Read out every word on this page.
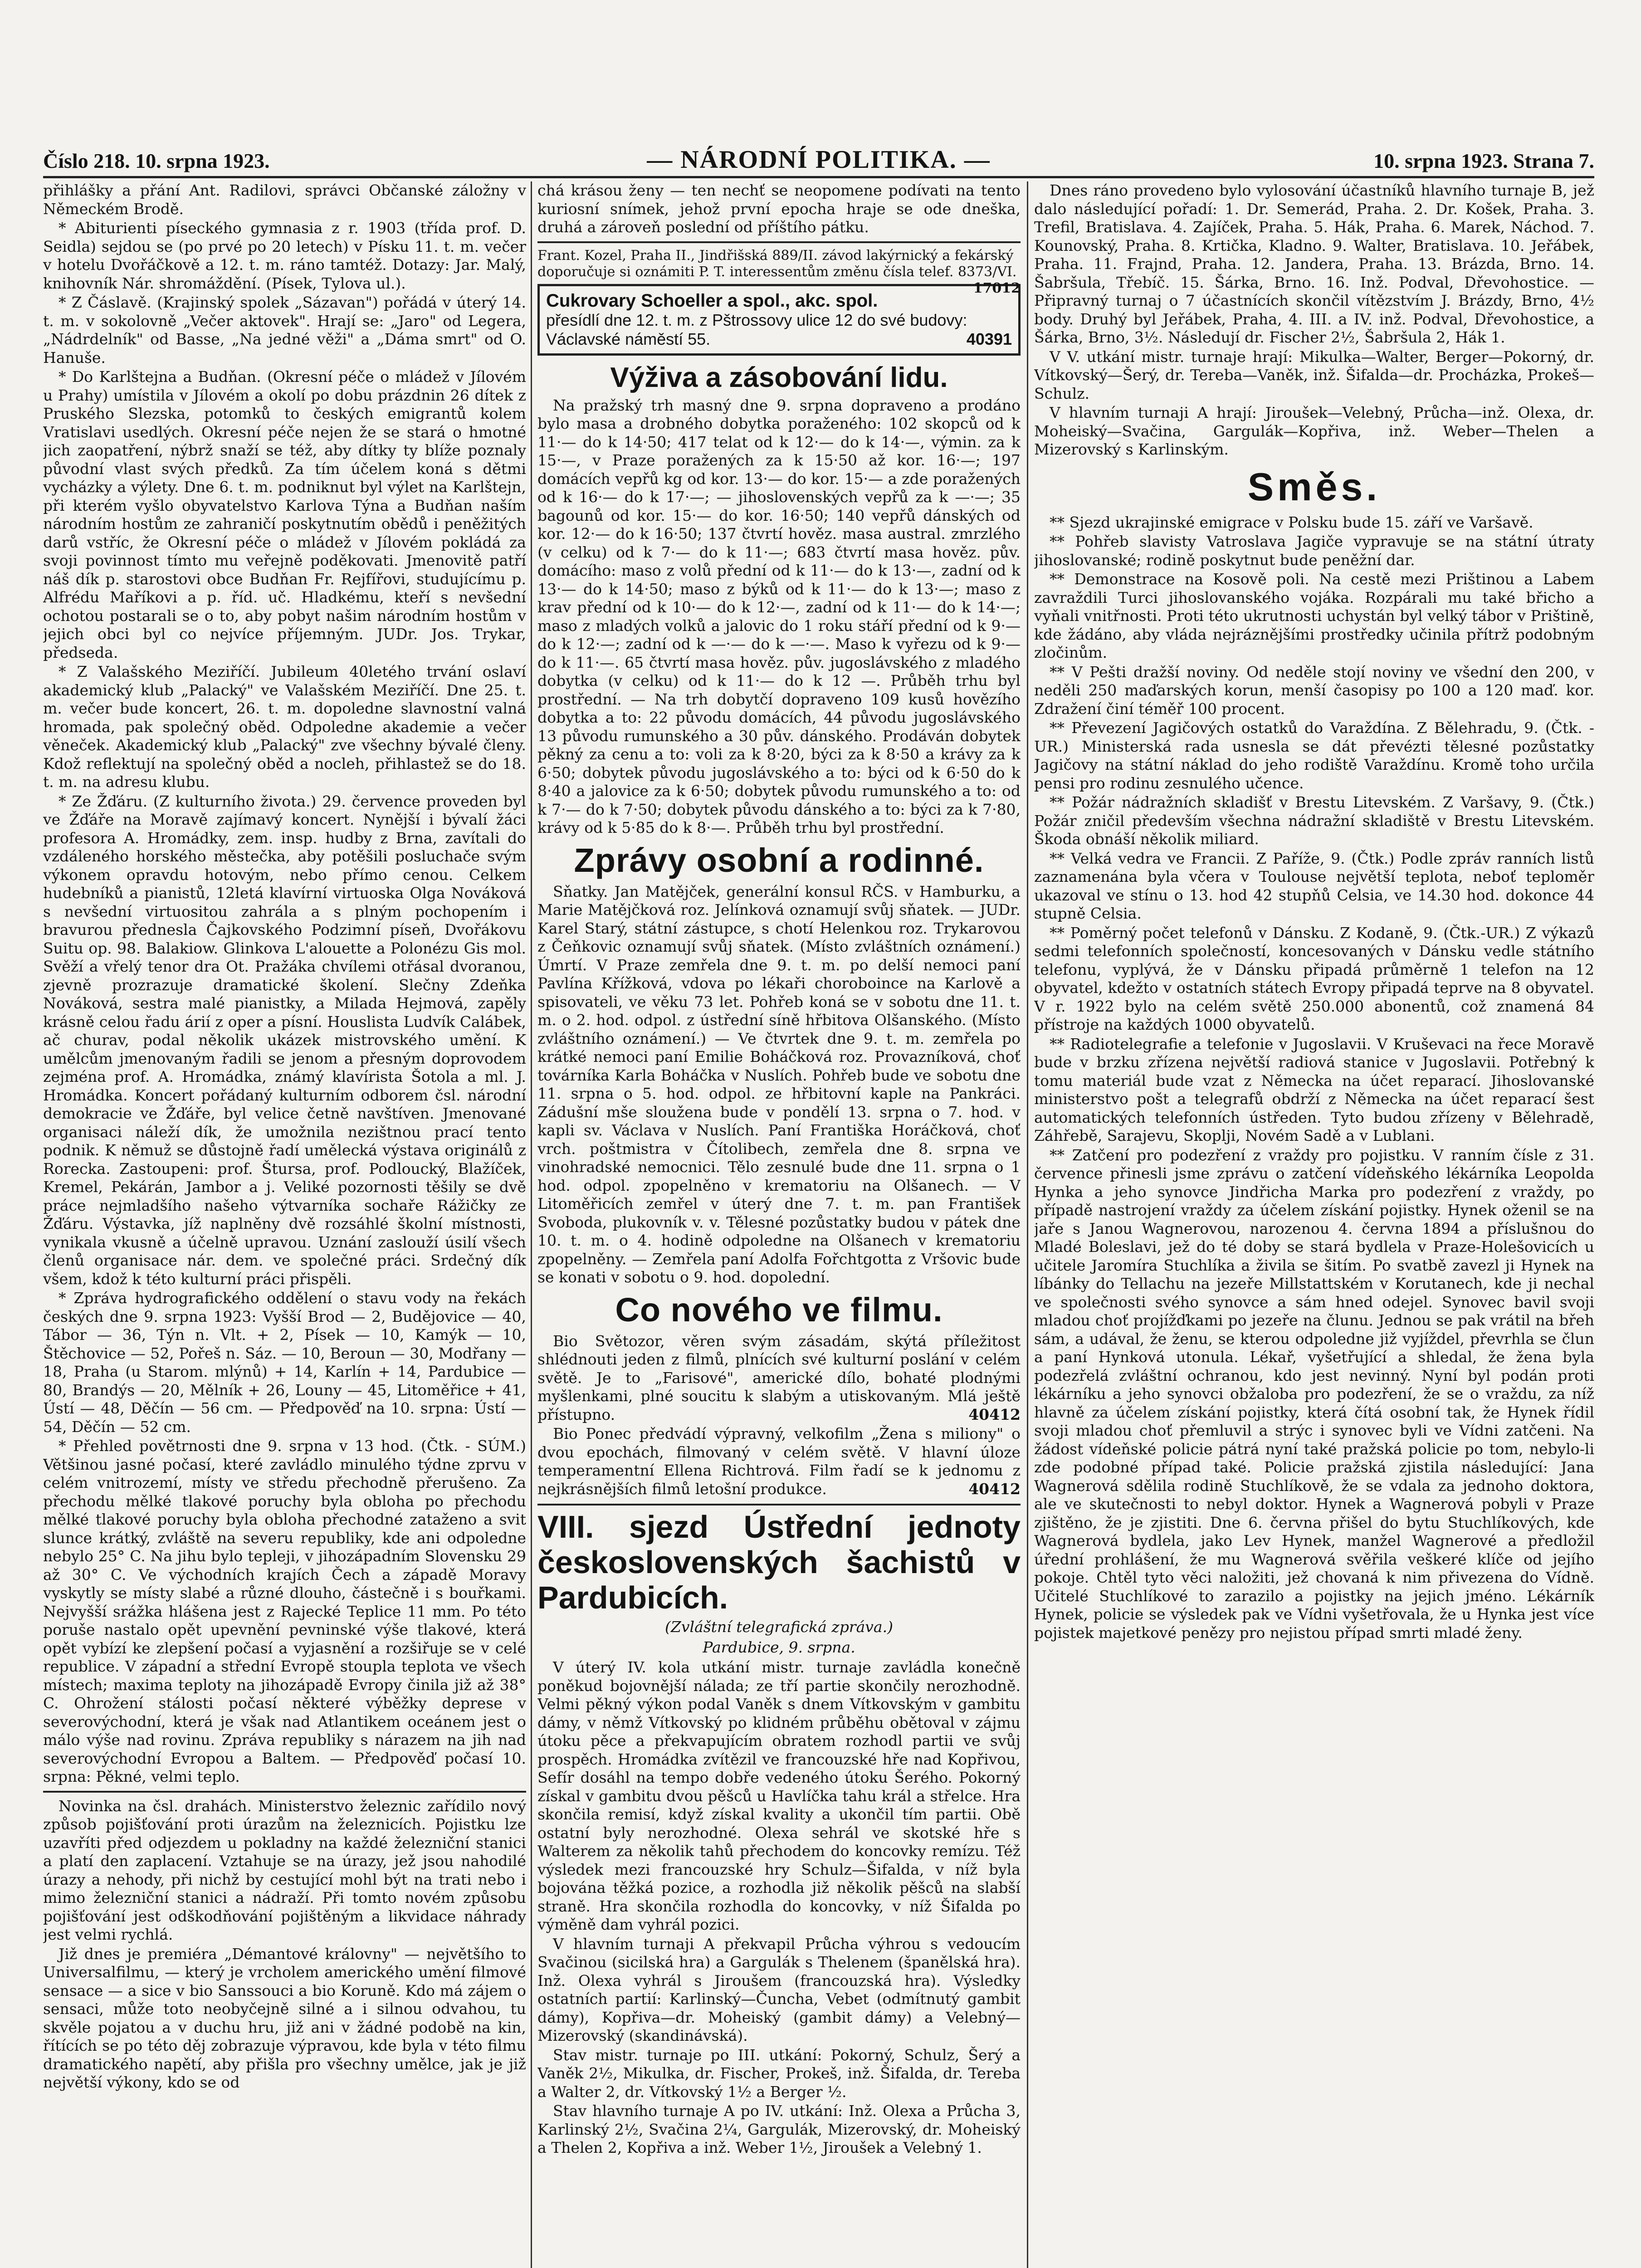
Číslo 218. 10. srpna 1923.	— NÁRODNÍ POLITIKA. —	10. srpna 1923. Strana 7.

přihlášky a přání Ant. Radilovi, správci Občanské záložny v Německém Brodě.

* Abiturienti píseckého gymnasia z r. 1903 (třída prof. D. Seidla) sejdou se (po prvé po 20 letech) v Písku 11. t. m. večer v hotelu Dvořáčkově a 12. t. m. ráno tamtéž. Dotazy: Jar. Malý, knihovník Nár. shromáždění. (Písek, Tylova ul.).

* Z Čáslavě. (Krajinský spolek „Sázavan") pořádá v úterý 14. t. m. v sokolovně „Večer aktovek". Hrají se: „Jaro" od Legera, „Nádrdelník" od Basse, „Na jedné věži" a „Dáma smrt" od O. Hanuše.

* Do Karlštejna a Budňan. (Okresní péče o mládež v Jílovém u Prahy) umístila v Jílovém a okolí po dobu prázdnin 26 dítek z Pruského Slezska, potomků to českých emigrantů kolem Vratislavi usedlých. Okresní péče nejen že se stará o hmotné jich zaopatření, nýbrž snaží se též, aby dítky ty blíže poznaly původní vlast svých předků. Za tím účelem koná s dětmi vycházky a výlety. Dne 6. t. m. podniknut byl výlet na Karlštejn, při kterém vyšlo obyvatelstvo Karlova Týna a Budňan naším národním hostům ze zahraničí poskytnutím obědů i peněžitých darů vstříc, že Okresní péče o mládež v Jílovém pokládá za svoji povinnost tímto mu veřejně poděkovati. Jmenovitě patří náš dík p. starostovi obce Budňan Fr. Rejfířovi, studujícímu p. Alfrédu Maříkovi a p. říd. uč. Hladkému, kteří s nevšední ochotou postarali se o to, aby pobyt našim národním hostům v jejich obci byl co nejvíce příjemným. JUDr. Jos. Trykar, předseda.

* Z Valašského Meziříčí. Jubileum 40letého trvání oslaví akademický klub „Palacký" ve Valašském Meziříčí. Dne 25. t. m. večer bude koncert, 26. t. m. dopoledne slavnostní valná hromada, pak společný oběd. Odpoledne akademie a večer věneček. Akademický klub „Palacký" zve všechny bývalé členy. Kdož reflektují na společný oběd a nocleh, přihlastež se do 18. t. m. na adresu klubu.

* Ze Žďáru. (Z kulturního života.) 29. července proveden byl ve Žďáře na Moravě zajímavý koncert. Nynější i bývalí žáci profesora A. Hromádky, zem. insp. hudby z Brna, zavítali do vzdáleného horského městečka, aby potěšili posluchače svým výkonem opravdu hotovým, nebo přímo cenou. Celkem hudebníků a pianistů, 12letá klavírní virtuoska Olga Nováková s nevšední virtuositou zahrála a s plným pochopením i bravurou přednesla Čajkovského Podzimní píseň, Dvořákovu Suitu op. 98. Balakiow. Glinkova L'alouette a Polonézu Gis mol. Svěží a vřelý tenor dra Ot. Pražáka chvílemi otřásal dvoranou, zjevně prozrazuje dramatické školení. Slečny Zdeňka Nováková, sestra malé pianistky, a Milada Hejmová, zapěly krásně celou řadu árií z oper a písní. Houslista Ludvík Calábek, ač churav, podal několik ukázek mistrovského umění. K umělcům jmenovaným řadili se jenom a přesným doprovodem zejména prof. A. Hromádka, známý klavírista Šotola a ml. J. Hromádka. Koncert pořádaný kulturním odborem čsl. národní demokracie ve Žďáře, byl velice četně navštíven. Jmenované organisaci náleží dík, že umožnila nezištnou prací tento podnik. K němuž se důstojně řadí umělecká výstava originálů z Rorecka. Zastoupeni: prof. Štursa, prof. Podloucký, Blažíček, Kremel, Pekárán, Jambor a j. Veliké pozornosti těšily se dvě práce nejmladšího našeho výtvarníka sochaře Rážičky ze Žďáru. Výstavka, jíž naplněny dvě rozsáhlé školní místnosti, vynikala vkusně a účelně upravou. Uznání zaslouží úsilí všech členů organisace nár. dem. ve společné práci. Srdečný dík všem, kdož k této kulturní práci přispěli.

* Zpráva hydrografického oddělení o stavu vody na řekách českých dne 9. srpna 1923: Vyšší Brod — 2, Budějovice — 40, Tábor — 36, Týn n. Vlt. + 2, Písek — 10, Kamýk — 10, Štěchovice — 52, Pořeš n. Sáz. — 10, Beroun — 30, Modřany — 18, Praha (u Starom. mlýnů) + 14, Karlín + 14, Pardubice — 80, Brandýs — 20, Mělník + 26, Louny — 45, Litoměřice + 41, Ústí — 48, Děčín — 56 cm. — Předpověď na 10. srpna: Ústí — 54, Děčín — 52 cm.

* Přehled povětrnosti dne 9. srpna v 13 hod. (Čtk. - SÚM.) Většinou jasné počasí, které zavládlo minulého týdne zprvu v celém vnitrozemí, místy ve středu přechodně přerušeno. Za přechodu mělké tlakové poruchy byla obloha po přechodu mělké tlakové poruchy byla obloha přechodné zataženo a svit slunce krátký, zvláště na severu republiky, kde ani odpoledne nebylo 25° C. Na jihu bylo tepleji, v jihozápadním Slovensku 29 až 30° C. Ve východních krajích Čech a západě Moravy vyskytly se místy slabé a různé dlouho, částečně i s bouřkami. Nejvyšší srážka hlášena jest z Rajecké Teplice 11 mm. Po této poruše nastalo opět upevnění pevninské výše tlakové, která opět vybízí ke zlepšení počasí a vyjasnění a rozšiřuje se v celé republice. V západní a střední Evropě stoupla teplota ve všech místech; maxima teploty na jihozápadě Evropy činila již až 38° C. Ohrožení stálosti počasí některé výběžky deprese v severovýchodní, která je však nad Atlantikem oceánem jest o málo výše nad rovinu. Zpráva republiky s nárazem na jih nad severovýchodní Evropou a Baltem. — Předpověď počasí 10. srpna: Pěkné, velmi teplo.

Novinka na čsl. drahách. Ministerstvo železnic zařídilo nový způsob pojišťování proti úrazům na železnicích. Pojistku lze uzavříti před odjezdem u pokladny na každé železniční stanici a platí den zaplacení. Vztahuje se na úrazy, jež jsou nahodilé úrazy a nehody, při nichž by cestující mohl být na trati nebo i mimo železniční stanici a nádraží. Při tomto novém způsobu pojišťování jest odškodňování pojištěným a likvidace náhrady jest velmi rychlá.

Již dnes je premiéra „Démantové královny" — největšího to Universalfilmu, — který je vrcholem amerického umění filmové sensace — a sice v bio Sanssouci a bio Koruně. Kdo má zájem o sensaci, může toto neobyčejně silné a i silnou odvahou, tu skvěle pojatou a v duchu hru, již ani v žádné podobě na kin, řítících se po této děj zobrazuje výpravou, kde byla v této filmu dramatického napětí, aby přišla pro všechny umělce, jak je již největší výkony, kdo se od

chá krásou ženy — ten nechť se neopomene podívati na tento kuriosní snímek, jehož první epocha hraje se ode dneška, druhá a zároveň poslední od příštího pátku.

Frant. Kozel, Praha II., Jindřišská 889/II. závod lakýrnický a fekárský doporučuje si oznámiti P. T. interessentům změnu čísla telef. 8373/VI.
17012
Cukrovary Schoeller a spol., akc. spol.
přesídlí dne 12. t. m. z Pštrossovy ulice 12 do své budovy: Václavské náměstí 55.	40391
Výživa a zásobování lidu.

Na pražský trh masný dne 9. srpna dopraveno a prodáno bylo masa a drobného dobytka poraženého: 102 skopců od k 11·— do k 14·50; 417 telat od k 12·— do k 14·—, výmin. za k 15·—, v Praze poražených za k 15·50 až kor. 16·—; 197 domácích vepřů kg od kor. 13·— do kor. 15·— a zde poražených od k 16·— do k 17·—; — jihoslovenských vepřů za k —·—; 35 bagounů od kor. 15·— do kor. 16·50; 140 vepřů dánských od kor. 12·— do k 16·50; 137 čtvrtí hověz. masa austral. zmrzlého (v celku) od k 7·— do k 11·—; 683 čtvrtí masa hověz. pův. domácího: maso z volů přední od k 11·— do k 13·—, zadní od k 13·— do k 14·50; maso z býků od k 11·— do k 13·—; maso z krav přední od k 10·— do k 12·—, zadní od k 11·— do k 14·—; maso z mladých volků a jalovic do 1 roku stáří přední od k 9·— do k 12·—; zadní od k —·— do k —·—. Maso k vyřezu od k 9·— do k 11·—. 65 čtvrtí masa hověz. pův. jugoslávského z mladého dobytka (v celku) od k 11·— do k 12 —. Průběh trhu byl prostřední. — Na trh dobytčí dopraveno 109 kusů hovězího dobytka a to: 22 původu domácích, 44 původu jugoslávského 13 původu rumunského a 30 pův. dánského. Prodáván dobytek pěkný za cenu a to: voli za k 8·20, býci za k 8·50 a krávy za k 6·50; dobytek původu jugoslávského a to: býci od k 6·50 do k 8·40 a jalovice za k 6·50; dobytek původu rumunského a to: od k 7·— do k 7·50; dobytek původu dánského a to: býci za k 7·80, krávy od k 5·85 do k 8·—. Průběh trhu byl prostřední.

Zprávy osobní a rodinné.

Sňatky. Jan Matějček, generální konsul RČS. v Hamburku, a Marie Matějčková roz. Jelínková oznamují svůj sňatek. — JUDr. Karel Starý, státní zástupce, s chotí Helenkou roz. Trykarovou z Čeňkovic oznamují svůj sňatek. (Místo zvláštních oznámení.) Úmrtí. V Praze zemřela dne 9. t. m. po delší nemoci paní Pavlína Křížková, vdova po lékaři choroboince na Karlově a spisovateli, ve věku 73 let. Pohřeb koná se v sobotu dne 11. t. m. o 2. hod. odpol. z ústřední síně hřbitova Olšanského. (Místo zvláštního oznámení.) — Ve čtvrtek dne 9. t. m. zemřela po krátké nemoci paní Emilie Boháčková roz. Provazníková, choť továrníka Karla Boháčka v Nuslích. Pohřeb bude ve sobotu dne 11. srpna o 5. hod. odpol. ze hřbitovní kaple na Pankráci. Zádušní mše sloužena bude v pondělí 13. srpna o 7. hod. v kapli sv. Václava v Nuslích. Paní Františka Horáčková, choť vrch. poštmistra v Čítolibech, zemřela dne 8. srpna ve vinohradské nemocnici. Tělo zesnulé bude dne 11. srpna o 1 hod. odpol. zpopelněno v krematoriu na Olšanech. — V Litoměřicích zemřel v úterý dne 7. t. m. pan František Svoboda, plukovník v. v. Tělesné pozůstatky budou v pátek dne 10. t. m. o 4. hodině odpoledne na Olšanech v krematoriu zpopelněny. — Zemřela paní Adolfa Fořchtgotta z Vršovic bude se konati v sobotu o 9. hod. dopolední.

Co nového ve filmu.

Bio Světozor, věren svým zásadám, skýtá příležitost shlédnouti jeden z filmů, plnících své kulturní poslání v celém světě. Je to „Farisové", americké dílo, bohaté plodnými myšlenkami, plné soucitu k slabým a utiskovaným. Mlá ještě přístupno.	40412

Bio Ponec předvádí výpravný, velkofilm „Žena s miliony" o dvou epochách, filmovaný v celém světě. V hlavní úloze temperamentní Ellena Richtrová. Film řadí se k jednomu z nejkrásnějších filmů letošní produkce.	40412

VIII. sjezd Ústřední jednoty československých šachistů v Pardubicích.
(Zvláštní telegrafická zpráva.)
Pardubice, 9. srpna.

V úterý IV. kola utkání mistr. turnaje zavládla konečně poněkud bojovnější nálada; ze tří partie skončily nerozhodně. Velmi pěkný výkon podal Vaněk s dnem Vítkovským v gambitu dámy, v němž Vítkovský po klidném průběhu obětoval v zájmu útoku pěce a překvapujícím obratem rozhodl partii ve svůj prospěch. Hromádka zvítězil ve francouzské hře nad Kopřivou, Sefír dosáhl na tempo dobře vedeného útoku Šerého. Pokorný získal v gambitu dvou pěšců u Havlíčka tahu král a střelce. Hra skončila remisí, když získal kvality a ukončil tím partii. Obě ostatní byly nerozhodné. Olexa sehrál ve skotské hře s Walterem za několik tahů přechodem do koncovky remízu. Též výsledek mezi francouzské hry Schulz—Šifalda, v níž byla bojována těžká pozice, a rozhodla již několik pěšců na slabší straně. Hra skončila rozhodla do koncovky, v níž Šifalda po výměně dam vyhrál pozici.

V hlavním turnaji A překvapil Průcha výhrou s vedoucím Svačinou (sicilská hra) a Gargulák s Thelenem (španělská hra). Inž. Olexa vyhrál s Jiroušem (francouzská hra). Výsledky ostatních partií: Karlinský—Čuncha, Vebet (odmítnutý gambit dámy), Kopřiva—dr. Moheiský (gambit dámy) a Velebný—Mizerovský (skandinávská).

Stav mistr. turnaje po III. utkání: Pokorný, Schulz, Šerý a Vaněk 2½, Mikulka, dr. Fischer, Prokeš, inž. Šifalda, dr. Tereba a Walter 2, dr. Vítkovský 1½ a Berger ½.

Stav hlavního turnaje A po IV. utkání: Inž. Olexa a Průcha 3, Karlinský 2½, Svačina 2¼, Gargulák, Mizerovský, dr. Moheiský a Thelen 2, Kopřiva a inž. Weber 1½, Jiroušek a Velebný 1.

Dnes ráno provedeno bylo vylosování účastníků hlavního turnaje B, jež dalo následující pořadí: 1. Dr. Semerád, Praha. 2. Dr. Košek, Praha. 3. Trefil, Bratislava. 4. Zajíček, Praha. 5. Hák, Praha. 6. Marek, Náchod. 7. Kounovský, Praha. 8. Krtička, Kladno. 9. Walter, Bratislava. 10. Jeřábek, Praha. 11. Frajnd, Praha. 12. Jandera, Praha. 13. Brázda, Brno. 14. Šabršula, Třebíč. 15. Šárka, Brno. 16. Inž. Podval, Dřevohostice. — Připravný turnaj o 7 účastnících skončil vítězstvím J. Brázdy, Brno, 4½ body. Druhý byl Jeřábek, Praha, 4. III. a IV. inž. Podval, Dřevohostice, a Šárka, Brno, 3½. Následují dr. Fischer 2½, Šabršula 2, Hák 1.

V V. utkání mistr. turnaje hrají: Mikulka—Walter, Berger—Pokorný, dr. Vítkovský—Šerý, dr. Tereba—Vaněk, inž. Šifalda—dr. Procházka, Prokeš—Schulz.

V hlavním turnaji A hrají: Jiroušek—Velebný, Průcha—inž. Olexa, dr. Moheiský—Svačina, Gargulák—Kopřiva, inž. Weber—Thelen a Mizerovský s Karlinským.

Směs.

** Sjezd ukrajinské emigrace v Polsku bude 15. září ve Varšavě.

** Pohřeb slavisty Vatroslava Jagiče vypravuje se na státní útraty jihoslovanské; rodině poskytnut bude peněžní dar.

** Demonstrace na Kosově poli. Na cestě mezi Prištinou a Labem zavraždili Turci jihoslovanského vojáka. Rozpárali mu také břicho a vyňali vnitřnosti. Proti této ukrutnosti uchystán byl velký tábor v Prištině, kde žádáno, aby vláda nejráznějšími prostředky učinila přítrž podobným zločinům.

** V Pešti dražší noviny. Od neděle stojí noviny ve všední den 200, v neděli 250 maďarských korun, menší časopisy po 100 a 120 maď. kor. Zdražení činí téměř 100 procent.

** Převezení Jagičových ostatků do Varaždína. Z Bělehradu, 9. (Čtk. - UR.) Ministerská rada usnesla se dát převézti tělesné pozůstatky Jagičovy na státní náklad do jeho rodiště Varaždínu. Kromě toho určila pensi pro rodinu zesnulého učence.

** Požár nádražních skladišť v Brestu Litevském. Z Varšavy, 9. (Čtk.) Požár zničil především všechna nádražní skladiště v Brestu Litevském. Škoda obnáší několik miliard.

** Velká vedra ve Francii. Z Paříže, 9. (Čtk.) Podle zpráv ranních listů zaznamenána byla včera v Toulouse největší teplota, neboť teploměr ukazoval ve stínu o 13. hod 42 stupňů Celsia, ve 14.30 hod. dokonce 44 stupně Celsia.

** Poměrný počet telefonů v Dánsku. Z Kodaně, 9. (Čtk.-UR.) Z výkazů sedmi telefonních společností, koncesovaných v Dánsku vedle státního telefonu, vyplývá, že v Dánsku připadá průměrně 1 telefon na 12 obyvatel, kdežto v ostatních státech Evropy připadá teprve na 8 obyvatel. V r. 1922 bylo na celém světě 250.000 abonentů, což znamená 84 přístroje na každých 1000 obyvatelů.

** Radiotelegrafie a telefonie v Jugoslavii. V Kruševaci na řece Moravě bude v brzku zřízena největší radiová stanice v Jugoslavii. Potřebný k tomu materiál bude vzat z Německa na účet reparací. Jihoslovanské ministerstvo pošt a telegrafů obdrží z Německa na účet reparací šest automatických telefonních ústředen. Tyto budou zřízeny v Bělehradě, Záhřebě, Sarajevu, Skoplji, Novém Sadě a v Lublani.

** Zatčení pro podezření z vraždy pro pojistku. V ranním čísle z 31. července přinesli jsme zprávu o zatčení vídeňského lékárníka Leopolda Hynka a jeho synovce Jindřicha Marka pro podezření z vraždy, po případě nastrojení vraždy za účelem získání pojistky. Hynek oženil se na jaře s Janou Wagnerovou, narozenou 4. června 1894 a příslušnou do Mladé Boleslavi, jež do té doby se stará bydlela v Praze-Holešovicích u učitele Jaromíra Stuchlíka a živila se šitím. Po svatbě zavezl ji Hynek na líbánky do Tellachu na jezeře Millstattském v Korutanech, kde ji nechal ve společnosti svého synovce a sám hned odejel. Synovec bavil svoji mladou choť projížďkami po jezeře na člunu. Jednou se pak vrátil na břeh sám, a udával, že ženu, se kterou odpoledne již vyjíždel, převrhla se člun a paní Hynková utonula. Lékař, vyšetřující a shledal, že žena byla podezřelá zvláštní ochranou, kdo jest nevinný. Nyní byl podán proti lékárníku a jeho synovci obžaloba pro podezření, že se o vraždu, za níž hlavně za účelem získání pojistky, která čítá osobní tak, že Hynek řídil svoji mladou choť přemluvil a strýc i synovec byli ve Vídni zatčeni. Na žádost vídeňské policie pátrá nyní také pražská policie po tom, nebylo-li zde podobné případ také. Policie pražská zjistila následující: Jana Wagnerová sdělila rodině Stuchlíkově, že se vdala za jednoho doktora, ale ve skutečnosti to nebyl doktor. Hynek a Wagnerová pobyli v Praze zjištěno, že je zjistiti. Dne 6. června přišel do bytu Stuchlíkových, kde Wagnerová bydlela, jako Lev Hynek, manžel Wagnerové a předložil úřední prohlášení, že mu Wagnerová svěřila veškeré klíče od jejího pokoje. Chtěl tyto věci naložiti, jež chovaná k nim přivezena do Vídně. Učitelé Stuchlíkové to zarazilo a pojistky na jejich jméno. Lékárník Hynek, policie se výsledek pak ve Vídni vyšetřovala, že u Hynka jest více pojistek majetkové penězy pro nejistou případ smrti mladé ženy.
